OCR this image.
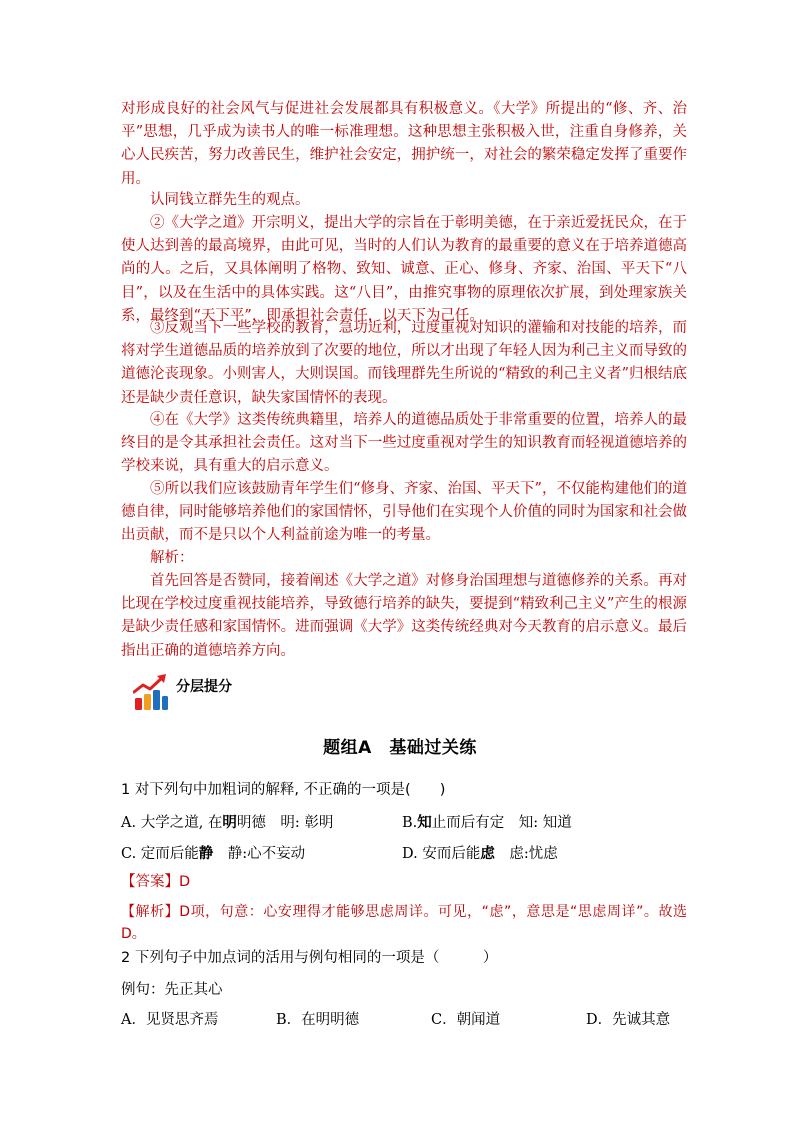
对形成良好的社会风气与促进社会发展都具有积极意义。《大学》所提出的“修、齐、治平”思想，几乎成为读书人的唯一标准理想。这种思想主张积极入世，注重自身修养，关心人民疾苦，努力改善民生，维护社会安定，拥护统一，对社会的繁荣稳定发挥了重要作用。
认同钱立群先生的观点。
②《大学之道》开宗明义，提出大学的宗旨在于彰明美德，在于亲近爱抚民众，在于使人达到善的最高境界，由此可见，当时的人们认为教育的最重要的意义在于培养道德高尚的人。之后，又具体阐明了格物、致知、诚意、正心、修身、齐家、治国、平天下“八目”，以及在生活中的具体实践。这“八目”，由推究事物的原理依次扩展，到处理家族关系，最终到“天下平”，即承担社会责任，以天下为己任。
③反观当下一些学校的教育，急功近利，过度重视对知识的灌输和对技能的培养，而将对学生道德品质的培养放到了次要的地位，所以才出现了年轻人因为利己主义而导致的道德沦丧现象。小则害人，大则误国。而钱理群先生所说的“精致的利己主义者”归根结底还是缺少责任意识，缺失家国情怀的表现。
④在《大学》这类传统典籍里，培养人的道德品质处于非常重要的位置，培养人的最终目的是令其承担社会责任。这对当下一些过度重视对学生的知识教育而轻视道德培养的学校来说，具有重大的启示意义。
⑤所以我们应该鼓励青年学生们“修身、齐家、治国、平天下”，不仅能构建他们的道德自律，同时能够培养他们的家国情怀，引导他们在实现个人价值的同时为国家和社会做出贡献，而不是只以个人利益前途为唯一的考量。
解析：
首先回答是否赞同，接着阐述《大学之道》对修身治国理想与道德修养的关系。再对比现在学校过度重视技能培养，导致德行培养的缺失，要提到“精致利己主义”产生的根源是缺少责任感和家国情怀。进而强调《大学》这类传统经典对今天教育的启示意义。最后指出正确的道德培养方向。
分层提分
题组A　基础过关练
1 对下列句中加粗词的解释, 不正确的一项是(　　)
A. 大学之道, 在明明德　明: 彰明	B.知止而后有定　知: 知道
C. 定而后能静　静:心不妄动	D. 安而后能虑　虑:忧虑
【答案】D
【解析】D项，句意：心安理得才能够思虑周详。可见，“虑”，意思是“思虑周详”。故选D。
2 下列句子中加点词的活用与例句相同的一项是（　　　）
例句：先正其心
A．见贤思齐焉	B．在明明德	C．朝闻道	D．先诚其意
